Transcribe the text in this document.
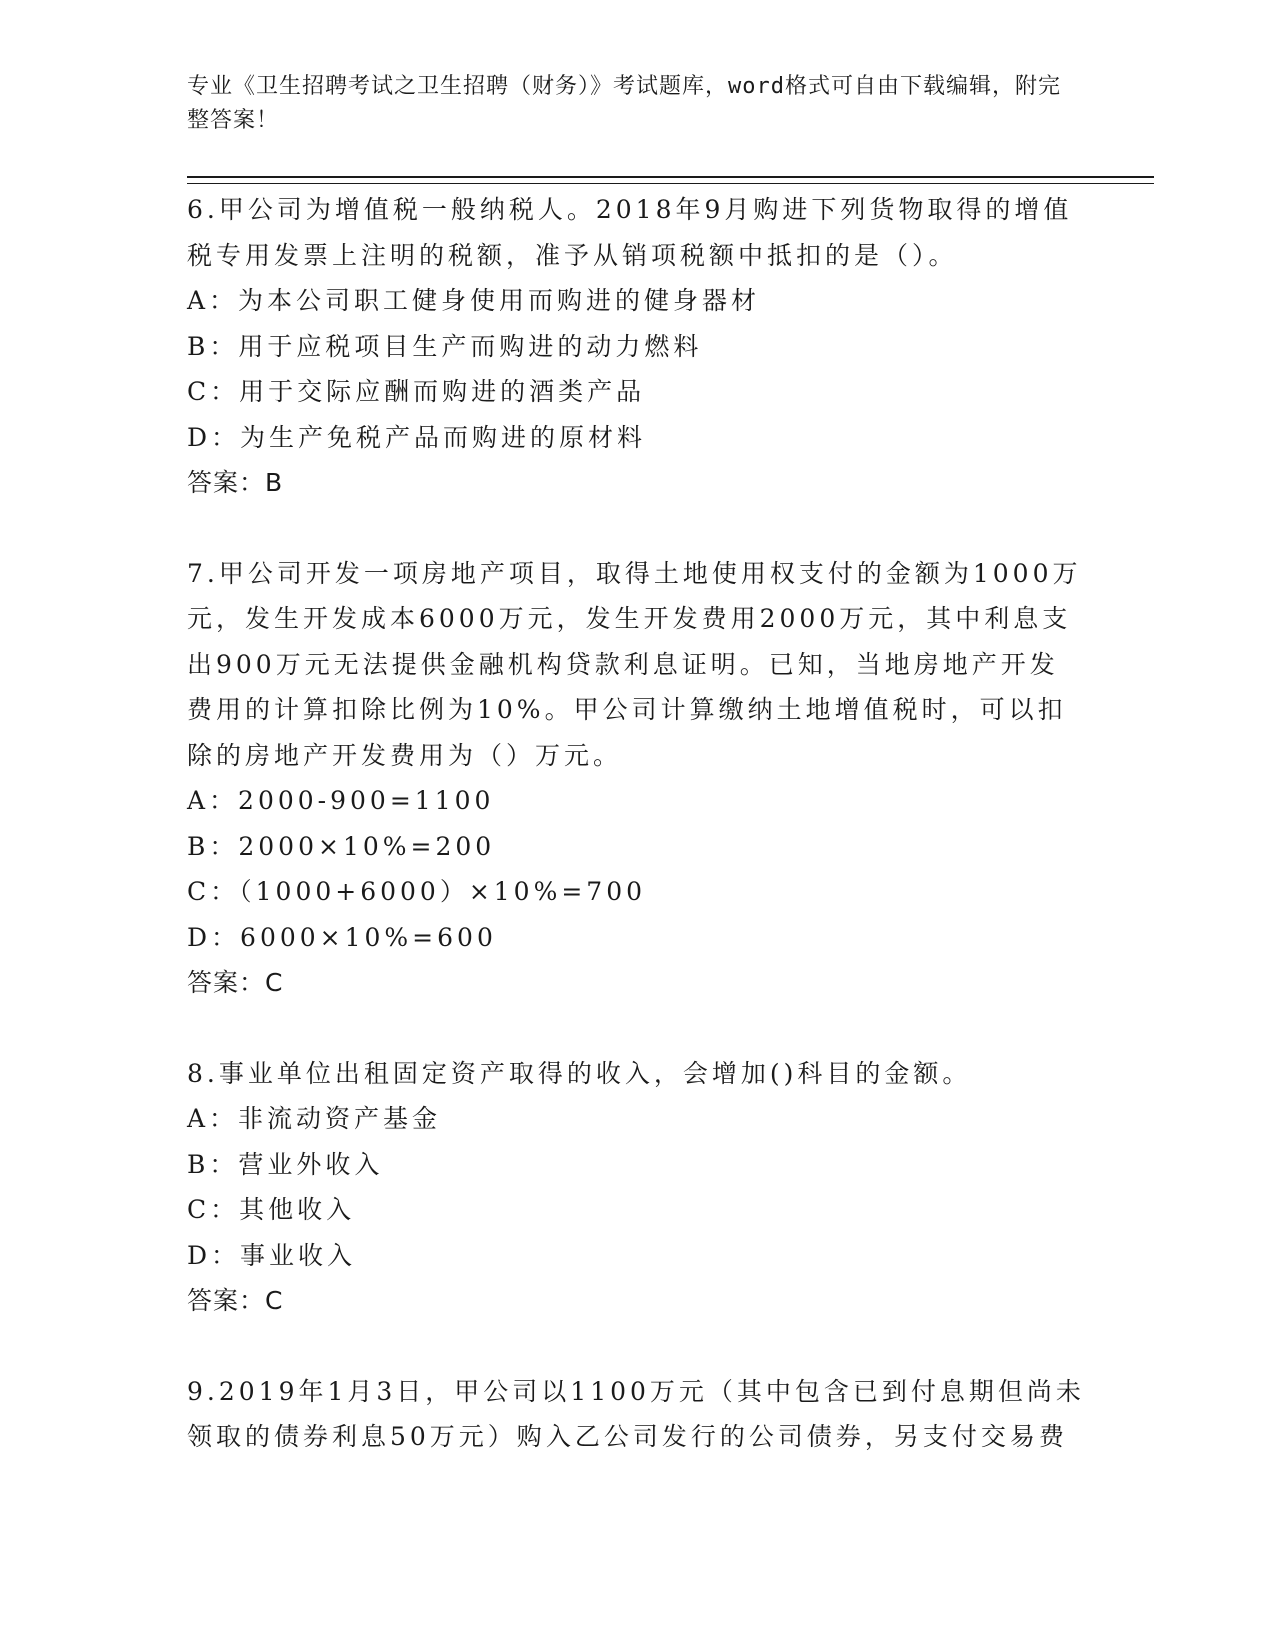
专业《卫生招聘考试之卫生招聘（财务）》考试题库，word格式可自由下载编辑，附完整答案！

6.甲公司为增值税一般纳税人。2018年9月购进下列货物取得的增值税专用发票上注明的税额，准予从销项税额中抵扣的是（）。

A：为本公司职工健身使用而购进的健身器材

B：用于应税项目生产而购进的动力燃料

C：用于交际应酬而购进的酒类产品

D：为生产免税产品而购进的原材料

答案：B

7.甲公司开发一项房地产项目，取得土地使用权支付的金额为1000万元，发生开发成本6000万元，发生开发费用2000万元，其中利息支出900万元无法提供金融机构贷款利息证明。已知，当地房地产开发费用的计算扣除比例为10%。甲公司计算缴纳土地增值税时，可以扣除的房地产开发费用为（）万元。

A：2000-900=1100

B：2000×10%=200

C：（1000+6000）×10%=700

D：6000×10%=600

答案：C

8.事业单位出租固定资产取得的收入，会增加()科目的金额。

A：非流动资产基金

B：营业外收入

C：其他收入

D：事业收入

答案：C

9.2019年1月3日，甲公司以1100万元（其中包含已到付息期但尚未领取的债券利息50万元）购入乙公司发行的公司债券，另支付交易费
